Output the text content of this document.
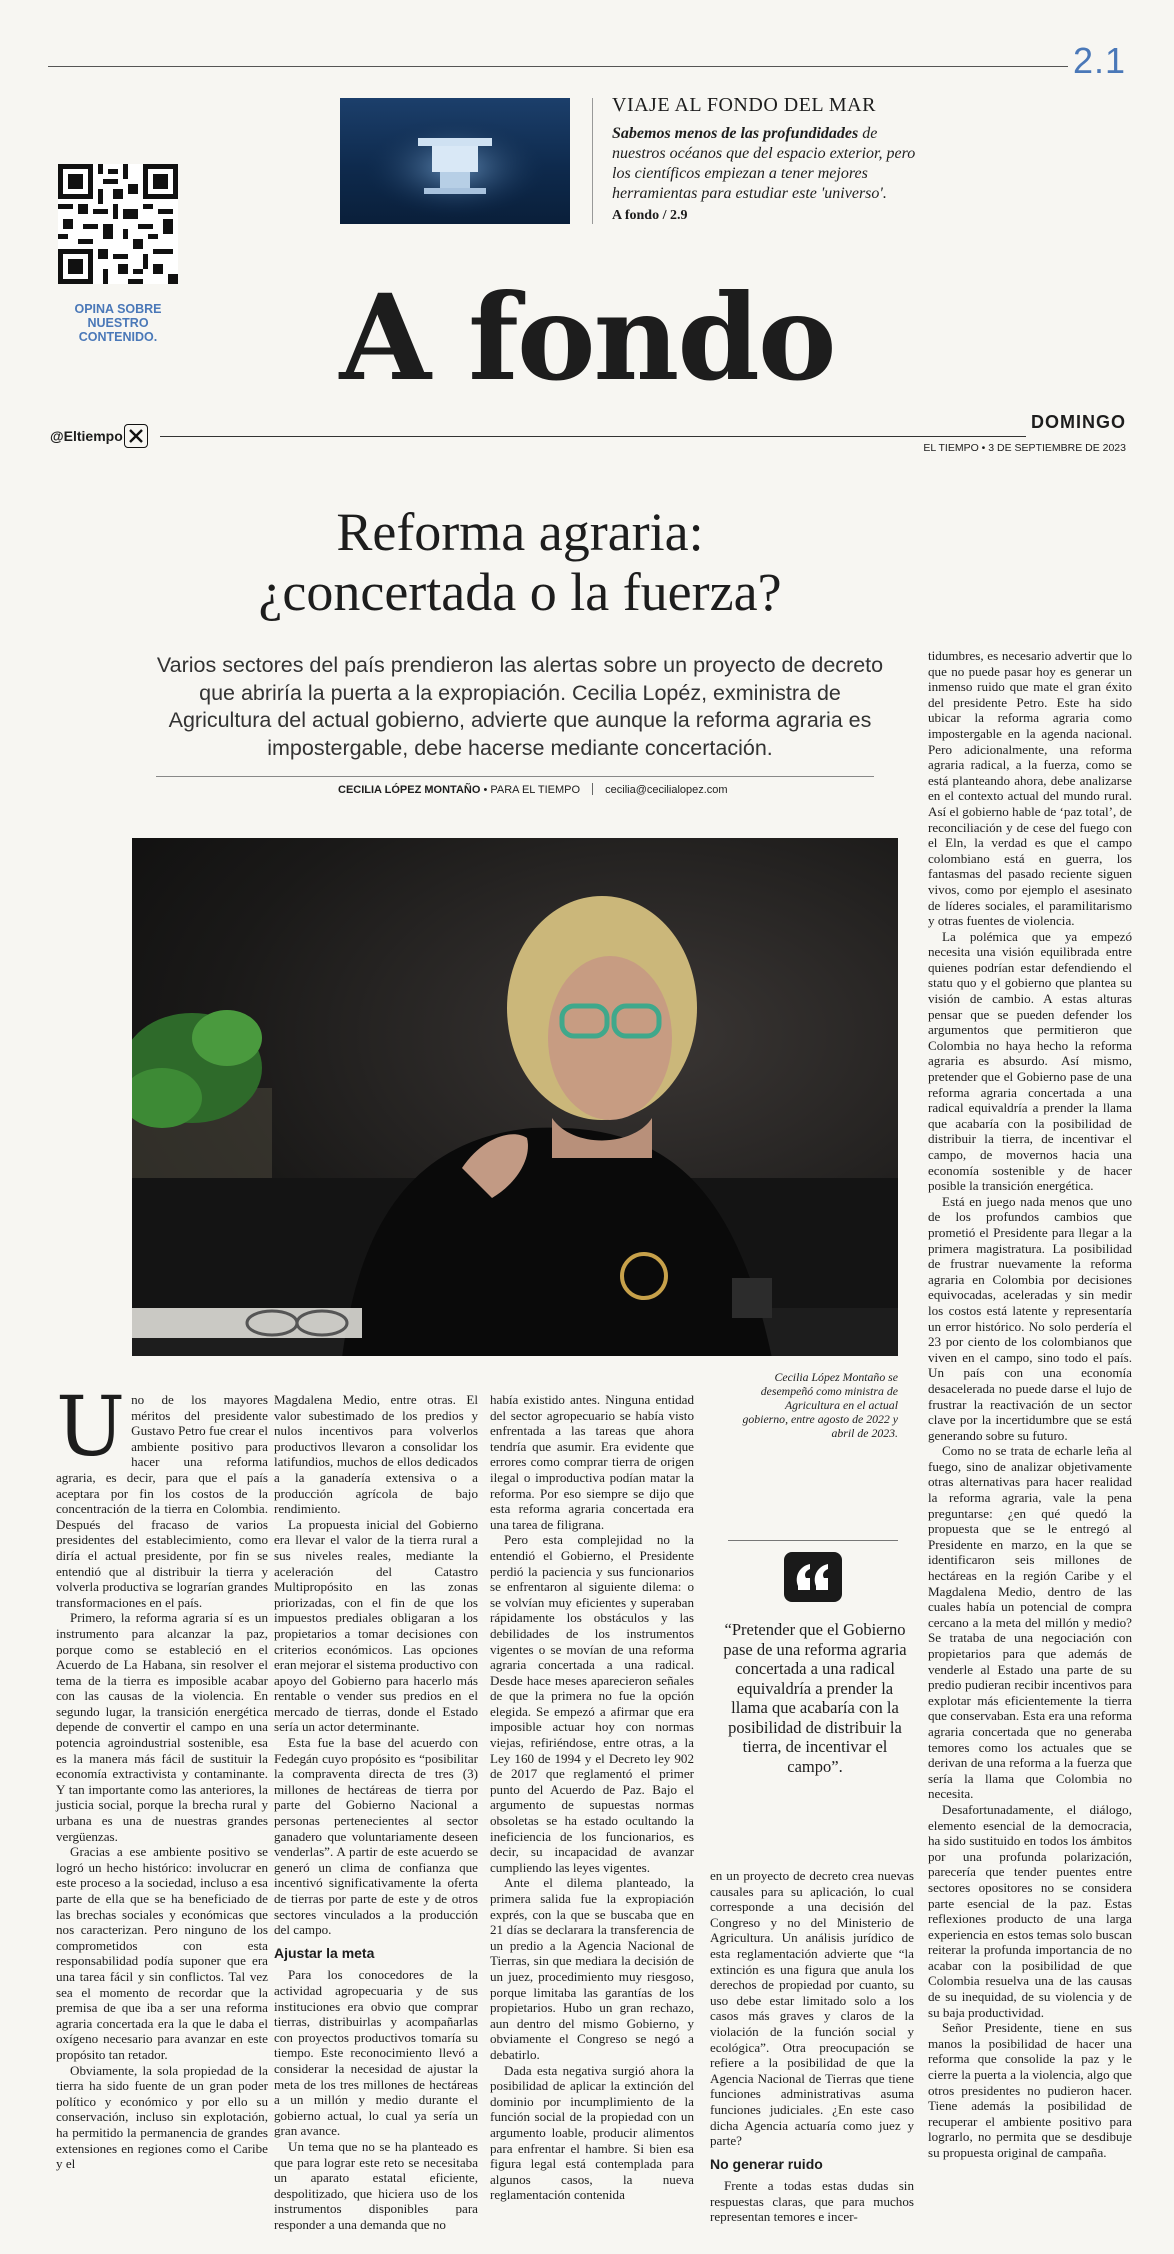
2.1
VIAJE AL FONDO DEL MAR
Sabemos menos de las profundidades de nuestros océanos que del espacio exterior, pero los científicos empiezan a tener mejores herramientas para estudiar este 'universo'.
A fondo / 2.9
OPINA SOBRE NUESTRO CONTENIDO.	A fondo
@Eltiempo
DOMINGO
EL TIEMPO • 3 DE SEPTIEMBRE DE 2023
Reforma agraria:
¿concertada o la fuerza?
Varios sectores del país prendieron las alertas sobre un proyecto de decreto que abriría la puerta a la expropiación. Cecilia Lopéz, exministra de Agricultura del actual gobierno, advierte que aunque la reforma agraria es impostergable, debe hacerse mediante concertación.
CECILIA LÓPEZ MONTAÑO • PARA EL TIEMPO cecilia@cecilialopez.com
Cecilia López Montaño se desempeñó como ministra de Agricultura en el actual gobierno, entre agosto de 2022 y abril de 2023.
U no de los mayores méritos del presidente Gustavo Petro fue crear el ambiente positivo para hacer una reforma agraria, es decir, para que el país aceptara por fin los costos de la concentración de la tierra en Colombia. Después del fracaso de varios presidentes del establecimiento, como diría el actual presidente, por fin se entendió que al distribuir la tierra y volverla productiva se lograrían grandes transformaciones en el país.

Primero, la reforma agraria sí es un instrumento para alcanzar la paz, porque como se estableció en el Acuerdo de La Habana, sin resolver el tema de la tierra es imposible acabar con las causas de la violencia. En segundo lugar, la transición energética depende de convertir el campo en una potencia agroindustrial sostenible, esa es la manera más fácil de sustituir la economía extractivista y contaminante. Y tan importante como las anteriores, la justicia social, porque la brecha rural y urbana es una de nuestras grandes vergüenzas.

Gracias a ese ambiente positivo se logró un hecho histórico: involucrar en este proceso a la sociedad, incluso a esa parte de ella que se ha beneficiado de las brechas sociales y económicas que nos caracterizan. Pero ninguno de los comprometidos con esta responsabilidad podía suponer que era una tarea fácil y sin conflictos. Tal vez sea el momento de recordar que la premisa de que iba a ser una reforma agraria concertada era la que le daba el oxígeno necesario para avanzar en este propósito tan retador.

Obviamente, la sola propiedad de la tierra ha sido fuente de un gran poder político y económico y por ello su conservación, incluso sin explotación, ha permitido la permanencia de grandes extensiones en regiones como el Caribe y el

Magdalena Medio, entre otras. El valor subestimado de los predios y nulos incentivos para volverlos productivos llevaron a consolidar los latifundios, muchos de ellos dedicados a la ganadería extensiva o a producción agrícola de bajo rendimiento.

La propuesta inicial del Gobierno era llevar el valor de la tierra rural a sus niveles reales, mediante la aceleración del Catastro Multipropósito en las zonas priorizadas, con el fin de que los impuestos prediales obligaran a los propietarios a tomar decisiones con criterios económicos. Las opciones eran mejorar el sistema productivo con apoyo del Gobierno para hacerlo más rentable o vender sus predios en el mercado de tierras, donde el Estado sería un actor determinante.

Esta fue la base del acuerdo con Fedegán cuyo propósito es “posibilitar la compraventa directa de tres (3) millones de hectáreas de tierra por parte del Gobierno Nacional a personas pertenecientes al sector ganadero que voluntariamente deseen venderlas”. A partir de este acuerdo se generó un clima de confianza que incentivó significativamente la oferta de tierras por parte de este y de otros sectores vinculados a la producción del campo.

Ajustar la meta

Para los conocedores de la actividad agropecuaria y de sus instituciones era obvio que comprar tierras, distribuirlas y acompañarlas con proyectos productivos tomaría su tiempo. Este reconocimiento llevó a considerar la necesidad de ajustar la meta de los tres millones de hectáreas a un millón y medio durante el gobierno actual, lo cual ya sería un gran avance.

Un tema que no se ha planteado es que para lograr este reto se necesitaba un aparato estatal eficiente, despolitizado, que hiciera uso de los instrumentos disponibles para responder a una demanda que no

había existido antes. Ninguna entidad del sector agropecuario se había visto enfrentada a las tareas que ahora tendría que asumir. Era evidente que errores como comprar tierra de origen ilegal o improductiva podían matar la reforma. Por eso siempre se dijo que esta reforma agraria concertada era una tarea de filigrana.

Pero esta complejidad no la entendió el Gobierno, el Presidente perdió la paciencia y sus funcionarios se enfrentaron al siguiente dilema: o se volvían muy eficientes y superaban rápidamente los obstáculos y las debilidades de los instrumentos vigentes o se movían de una reforma agraria concertada a una radical. Desde hace meses aparecieron señales de que la primera no fue la opción elegida. Se empezó a afirmar que era imposible actuar hoy con normas viejas, refiriéndose, entre otras, a la Ley 160 de 1994 y el Decreto ley 902 de 2017 que reglamentó el primer punto del Acuerdo de Paz. Bajo el argumento de supuestas normas obsoletas se ha estado ocultando la ineficiencia de los funcionarios, es decir, su incapacidad de avanzar cumpliendo las leyes vigentes.

Ante el dilema planteado, la primera salida fue la expropiación exprés, con la que se buscaba que en 21 días se declarara la transferencia de un predio a la Agencia Nacional de Tierras, sin que mediara la decisión de un juez, procedimiento muy riesgoso, porque limitaba las garantías de los propietarios. Hubo un gran rechazo, aun dentro del mismo Gobierno, y obviamente el Congreso se negó a debatirlo.

Dada esta negativa surgió ahora la posibilidad de aplicar la extinción del dominio por incumplimiento de la función social de la propiedad con un argumento loable, producir alimentos para enfrentar el hambre. Si bien esa figura legal está contemplada para algunos casos, la nueva reglamentación contenida

“Pretender que el Gobierno pase de una reforma agraria concertada a una radical equivaldría a prender la llama que acabaría con la posibilidad de distribuir la tierra, de incentivar el campo”.

en un proyecto de decreto crea nuevas causales para su aplicación, lo cual corresponde a una decisión del Congreso y no del Ministerio de Agricultura. Un análisis jurídico de esta reglamentación advierte que “la extinción es una figura que anula los derechos de propiedad por cuanto, su uso debe estar limitado solo a los casos más graves y claros de la violación de la función social y ecológica”. Otra preocupación se refiere a la posibilidad de que la Agencia Nacional de Tierras que tiene funciones administrativas asuma funciones judiciales. ¿En este caso dicha Agencia actuaría como juez y parte?

No generar ruido

Frente a todas estas dudas sin respuestas claras, que para muchos representan temores e incer-

tidumbres, es necesario advertir que lo que no puede pasar hoy es generar un inmenso ruido que mate el gran éxito del presidente Petro. Este ha sido ubicar la reforma agraria como impostergable en la agenda nacional. Pero adicionalmente, una reforma agraria radical, a la fuerza, como se está planteando ahora, debe analizarse en el contexto actual del mundo rural. Así el gobierno hable de ‘paz total’, de reconciliación y de cese del fuego con el Eln, la verdad es que el campo colombiano está en guerra, los fantasmas del pasado reciente siguen vivos, como por ejemplo el asesinato de líderes sociales, el paramilitarismo y otras fuentes de violencia.

La polémica que ya empezó necesita una visión equilibrada entre quienes podrían estar defendiendo el statu quo y el gobierno que plantea su visión de cambio. A estas alturas pensar que se pueden defender los argumentos que permitieron que Colombia no haya hecho la reforma agraria es absurdo. Así mismo, pretender que el Gobierno pase de una reforma agraria concertada a una radical equivaldría a prender la llama que acabaría con la posibilidad de distribuir la tierra, de incentivar el campo, de movernos hacia una economía sostenible y de hacer posible la transición energética.

Está en juego nada menos que uno de los profundos cambios que prometió el Presidente para llegar a la primera magistratura. La posibilidad de frustrar nuevamente la reforma agraria en Colombia por decisiones equivocadas, aceleradas y sin medir los costos está latente y representaría un error histórico. No solo perdería el 23 por ciento de los colombianos que viven en el campo, sino todo el país. Un país con una economía desacelerada no puede darse el lujo de frustrar la reactivación de un sector clave por la incertidumbre que se está generando sobre su futuro.

Como no se trata de echarle leña al fuego, sino de analizar objetivamente otras alternativas para hacer realidad la reforma agraria, vale la pena preguntarse: ¿en qué quedó la propuesta que se le entregó al Presidente en marzo, en la que se identificaron seis millones de hectáreas en la región Caribe y el Magdalena Medio, dentro de las cuales había un potencial de compra cercano a la meta del millón y medio? Se trataba de una negociación con propietarios para que además de venderle al Estado una parte de su predio pudieran recibir incentivos para explotar más eficientemente la tierra que conservaban. Esta era una reforma agraria concertada que no generaba temores como los actuales que se derivan de una reforma a la fuerza que sería la llama que Colombia no necesita.

Desafortunadamente, el diálogo, elemento esencial de la democracia, ha sido sustituido en todos los ámbitos por una profunda polarización, parecería que tender puentes entre sectores opositores no se considera parte esencial de la paz. Estas reflexiones producto de una larga experiencia en estos temas solo buscan reiterar la profunda importancia de no acabar con la posibilidad de que Colombia resuelva una de las causas de su inequidad, de su violencia y de su baja productividad.

Señor Presidente, tiene en sus manos la posibilidad de hacer una reforma que consolide la paz y le cierre la puerta a la violencia, algo que otros presidentes no pudieron hacer. Tiene además la posibilidad de recuperar el ambiente positivo para lograrlo, no permita que se desdibuje su propuesta original de campaña.
